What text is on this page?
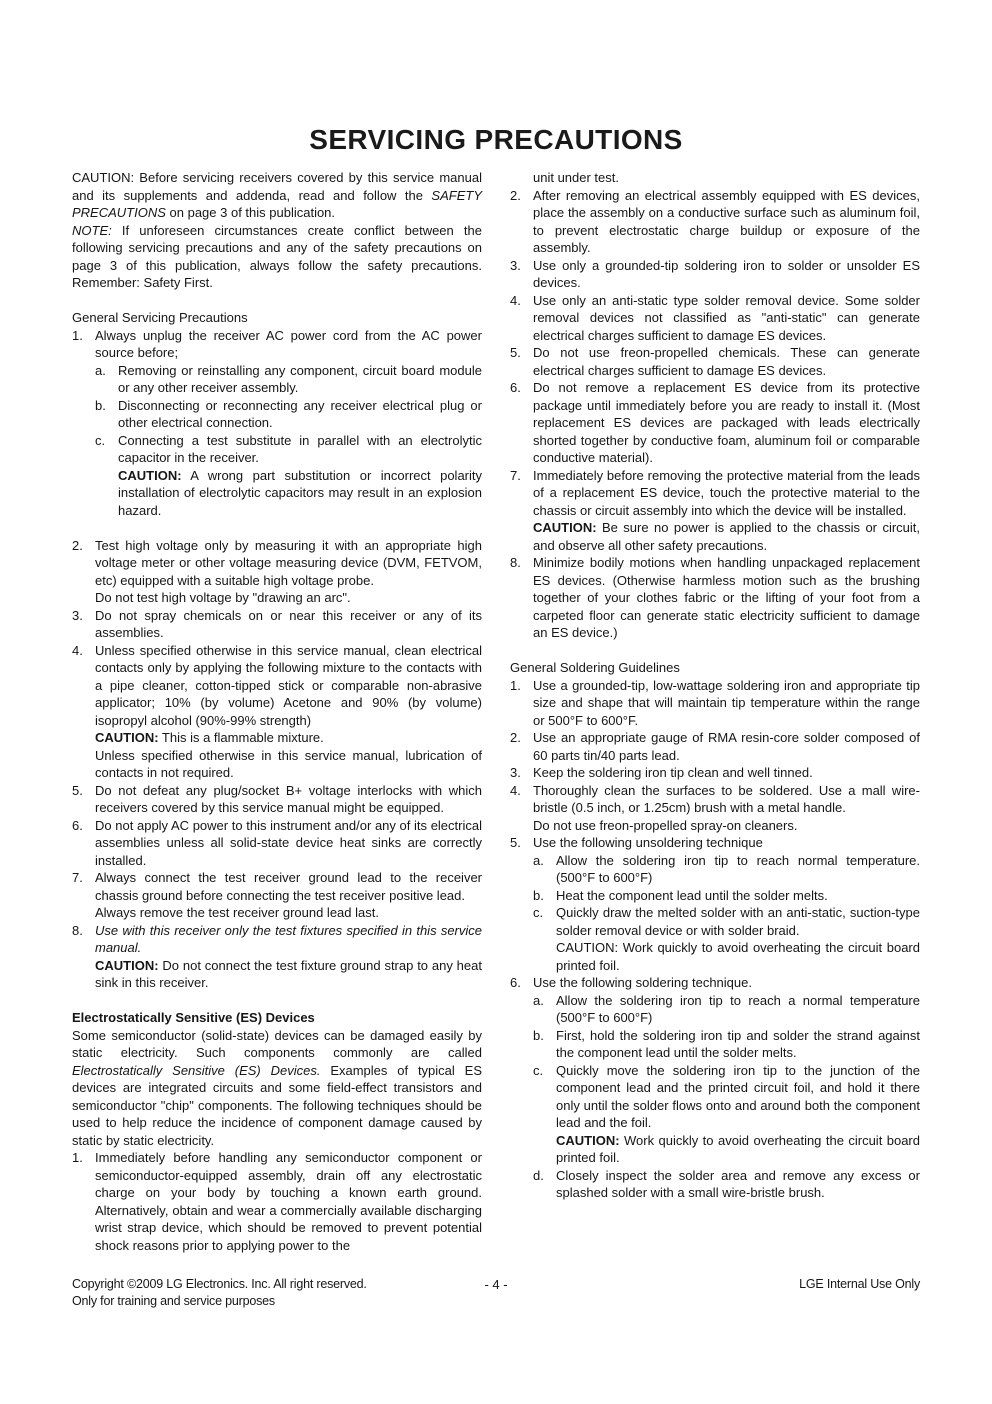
SERVICING PRECAUTIONS
CAUTION: Before servicing receivers covered by this service manual and its supplements and addenda, read and follow the SAFETY PRECAUTIONS on page 3 of this publication.
NOTE: If unforeseen circumstances create conflict between the following servicing precautions and any of the safety precautions on page 3 of this publication, always follow the safety precautions. Remember: Safety First.
General Servicing Precautions
1. Always unplug the receiver AC power cord from the AC power source before;
a. Removing or reinstalling any component, circuit board module or any other receiver assembly.
b. Disconnecting or reconnecting any receiver electrical plug or other electrical connection.
c. Connecting a test substitute in parallel with an electrolytic capacitor in the receiver.
CAUTION: A wrong part substitution or incorrect polarity installation of electrolytic capacitors may result in an explosion hazard.
2. Test high voltage only by measuring it with an appropriate high voltage meter or other voltage measuring device (DVM, FETVOM, etc) equipped with a suitable high voltage probe.
Do not test high voltage by "drawing an arc".
3. Do not spray chemicals on or near this receiver or any of its assemblies.
4. Unless specified otherwise in this service manual, clean electrical contacts only by applying the following mixture to the contacts with a pipe cleaner, cotton-tipped stick or comparable non-abrasive applicator; 10% (by volume) Acetone and 90% (by volume) isopropyl alcohol (90%-99% strength)
CAUTION: This is a flammable mixture.
Unless specified otherwise in this service manual, lubrication of contacts in not required.
5. Do not defeat any plug/socket B+ voltage interlocks with which receivers covered by this service manual might be equipped.
6. Do not apply AC power to this instrument and/or any of its electrical assemblies unless all solid-state device heat sinks are correctly installed.
7. Always connect the test receiver ground lead to the receiver chassis ground before connecting the test receiver positive lead.
Always remove the test receiver ground lead last.
8. Use with this receiver only the test fixtures specified in this service manual.
CAUTION: Do not connect the test fixture ground strap to any heat sink in this receiver.
Electrostatically Sensitive (ES) Devices
Some semiconductor (solid-state) devices can be damaged easily by static electricity. Such components commonly are called Electrostatically Sensitive (ES) Devices. Examples of typical ES devices are integrated circuits and some field-effect transistors and semiconductor "chip" components. The following techniques should be used to help reduce the incidence of component damage caused by static by static electricity.
1. Immediately before handling any semiconductor component or semiconductor-equipped assembly, drain off any electrostatic charge on your body by touching a known earth ground. Alternatively, obtain and wear a commercially available discharging wrist strap device, which should be removed to prevent potential shock reasons prior to applying power to the
unit under test.
2. After removing an electrical assembly equipped with ES devices, place the assembly on a conductive surface such as aluminum foil, to prevent electrostatic charge buildup or exposure of the assembly.
3. Use only a grounded-tip soldering iron to solder or unsolder ES devices.
4. Use only an anti-static type solder removal device. Some solder removal devices not classified as "anti-static" can generate electrical charges sufficient to damage ES devices.
5. Do not use freon-propelled chemicals. These can generate electrical charges sufficient to damage ES devices.
6. Do not remove a replacement ES device from its protective package until immediately before you are ready to install it. (Most replacement ES devices are packaged with leads electrically shorted together by conductive foam, aluminum foil or comparable conductive material).
7. Immediately before removing the protective material from the leads of a replacement ES device, touch the protective material to the chassis or circuit assembly into which the device will be installed.
CAUTION: Be sure no power is applied to the chassis or circuit, and observe all other safety precautions.
8. Minimize bodily motions when handling unpackaged replacement ES devices. (Otherwise harmless motion such as the brushing together of your clothes fabric or the lifting of your foot from a carpeted floor can generate static electricity sufficient to damage an ES device.)
General Soldering Guidelines
1. Use a grounded-tip, low-wattage soldering iron and appropriate tip size and shape that will maintain tip temperature within the range or 500°F to 600°F.
2. Use an appropriate gauge of RMA resin-core solder composed of 60 parts tin/40 parts lead.
3. Keep the soldering iron tip clean and well tinned.
4. Thoroughly clean the surfaces to be soldered. Use a mall wire-bristle (0.5 inch, or 1.25cm) brush with a metal handle.
Do not use freon-propelled spray-on cleaners.
5. Use the following unsoldering technique
a. Allow the soldering iron tip to reach normal temperature. (500°F to 600°F)
b. Heat the component lead until the solder melts.
c. Quickly draw the melted solder with an anti-static, suction-type solder removal device or with solder braid.
CAUTION: Work quickly to avoid overheating the circuit board printed foil.
6. Use the following soldering technique.
a. Allow the soldering iron tip to reach a normal temperature (500°F to 600°F)
b. First, hold the soldering iron tip and solder the strand against the component lead until the solder melts.
c. Quickly move the soldering iron tip to the junction of the component lead and the printed circuit foil, and hold it there only until the solder flows onto and around both the component lead and the foil.
CAUTION: Work quickly to avoid overheating the circuit board printed foil.
d. Closely inspect the solder area and remove any excess or splashed solder with a small wire-bristle brush.
Copyright ©2009 LG Electronics. Inc. All right reserved.
Only for training and service purposes
- 4 -	LGE Internal Use Only
